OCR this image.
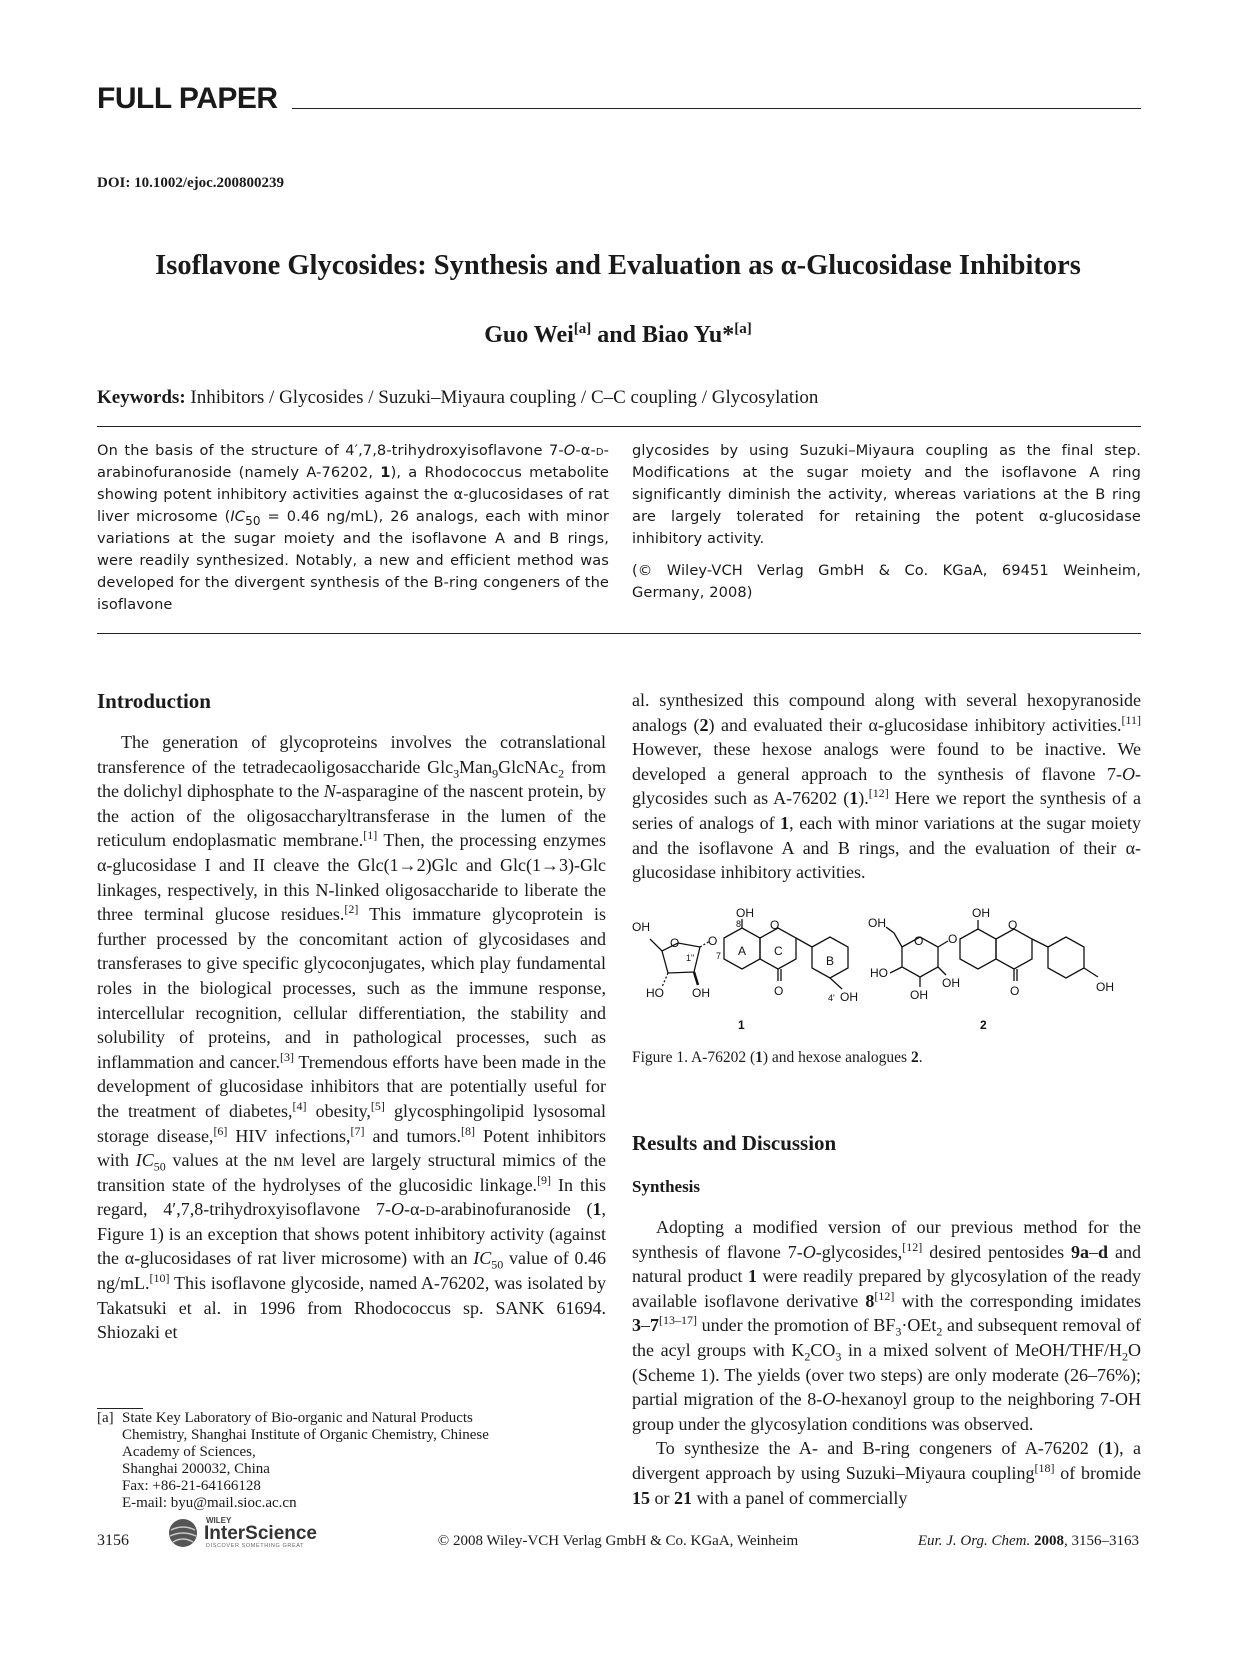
FULL PAPER
DOI: 10.1002/ejoc.200800239
Isoflavone Glycosides: Synthesis and Evaluation as α-Glucosidase Inhibitors
Guo Wei[a] and Biao Yu*[a]
Keywords: Inhibitors / Glycosides / Suzuki–Miyaura coupling / C–C coupling / Glycosylation
On the basis of the structure of 4′,7,8-trihydroxyisoflavone 7-O-α-d-arabinofuranoside (namely A-76202, 1), a Rhodococcus metabolite showing potent inhibitory activities against the α-glucosidases of rat liver microsome ($IC_{50} = 0.46$ ng/mL), 26 analogs, each with minor variations at the sugar moiety and the isoflavone A and B rings, were readily synthesized. Notably, a new and efficient method was developed for the divergent synthesis of the B-ring congeners of the isoflavone
glycosides by using Suzuki–Miyaura coupling as the final step. Modifications at the sugar moiety and the isoflavone A ring significantly diminish the activity, whereas variations at the B ring are largely tolerated for retaining the potent α-glucosidase inhibitory activity.
(© Wiley-VCH Verlag GmbH & Co. KGaA, 69451 Weinheim, Germany, 2008)
Introduction

The generation of glycoproteins involves the cotranslational transference of the tetradecaoligosaccharide Glc$_3$Man$_9$GlcNAc$_2$ from the dolichyl diphosphate to the N-asparagine of the nascent protein, by the action of the oligosaccharyltransferase in the lumen of the reticulum endoplasmatic membrane.[1] Then, the processing enzymes α-glucosidase I and II cleave the Glc(1→2)Glc and Glc(1→3)-Glc linkages, respectively, in this N-linked oligosaccharide to liberate the three terminal glucose residues.[2] This immature glycoprotein is further processed by the concomitant action of glycosidases and transferases to give specific glycoconjugates, which play fundamental roles in the biological processes, such as the immune response, intercellular recognition, cellular differentiation, the stability and solubility of proteins, and in pathological processes, such as inflammation and cancer.[3] Tremendous efforts have been made in the development of glucosidase inhibitors that are potentially useful for the treatment of diabetes,[4] obesity,[5] glycosphingolipid lysosomal storage disease,[6] HIV infections,[7] and tumors.[8] Potent inhibitors with $IC_{50}$ values at the nm level are largely structural mimics of the transition state of the hydrolyses of the glucosidic linkage.[9] In this regard, 4′,7,8-trihydroxyisoflavone 7-O-α-d-arabinofuranoside (1, Figure 1) is an exception that shows potent inhibitory activity (against the α-glucosidases of rat liver microsome) with an $IC_{50}$ value of 0.46 ng/mL.[10] This isoflavone glycoside, named A-76202, was isolated by Takatsuki et al. in 1996 from Rhodococcus sp. SANK 61694. Shiozaki et

al. synthesized this compound along with several hexopyranoside analogs (2) and evaluated their α-glucosidase inhibitory activities.[11] However, these hexose analogs were found to be inactive. We developed a general approach to the synthesis of flavone 7-O-glycosides such as A-76202 (1).[12] Here we report the synthesis of a series of analogs of 1, each with minor variations at the sugar moiety and the isoflavone A and B rings, and the evaluation of their α-glucosidase inhibitory activities.

OH
O O
1" 7
8
OH
O
A C
O
B
4' OH
HO OH
1
OH
O O
OH
O
O
HO
OH
OH
OH
2
Figure 1. A-76202 (1) and hexose analogues 2.
Results and Discussion
Synthesis

Adopting a modified version of our previous method for the synthesis of flavone 7-O-glycosides,[12] desired pentosides 9a–d and natural product 1 were readily prepared by glycosylation of the ready available isoflavone derivative 8[12] with the corresponding imidates 3–7[13–17] under the promotion of $BF_3\cdot OEt_2$ and subsequent removal of the acyl groups with $K_2CO_3$ in a mixed solvent of MeOH/$THF/H_2O$ (Scheme 1). The yields (over two steps) are only moderate (26–76%); partial migration of the 8-O-hexanoyl group to the neighboring 7-OH group under the glycosylation conditions was observed.

To synthesize the A- and B-ring congeners of A-76202 (1), a divergent approach by using Suzuki–Miyaura coupling[18] of bromide 15 or 21 with a panel of commercially

[a] State Key Laboratory of Bio-organic and Natural Products
Chemistry, Shanghai Institute of Organic Chemistry, Chinese
Academy of Sciences,
Shanghai 200032, China
Fax: +86-21-64166128
E-mail: byu@mail.sioc.ac.cn
3156
WILEY
InterScience
DISCOVER SOMETHING GREAT	© 2008 Wiley-VCH Verlag GmbH & Co. KGaA, Weinheim	Eur. J. Org. Chem. 2008, 3156–3163
